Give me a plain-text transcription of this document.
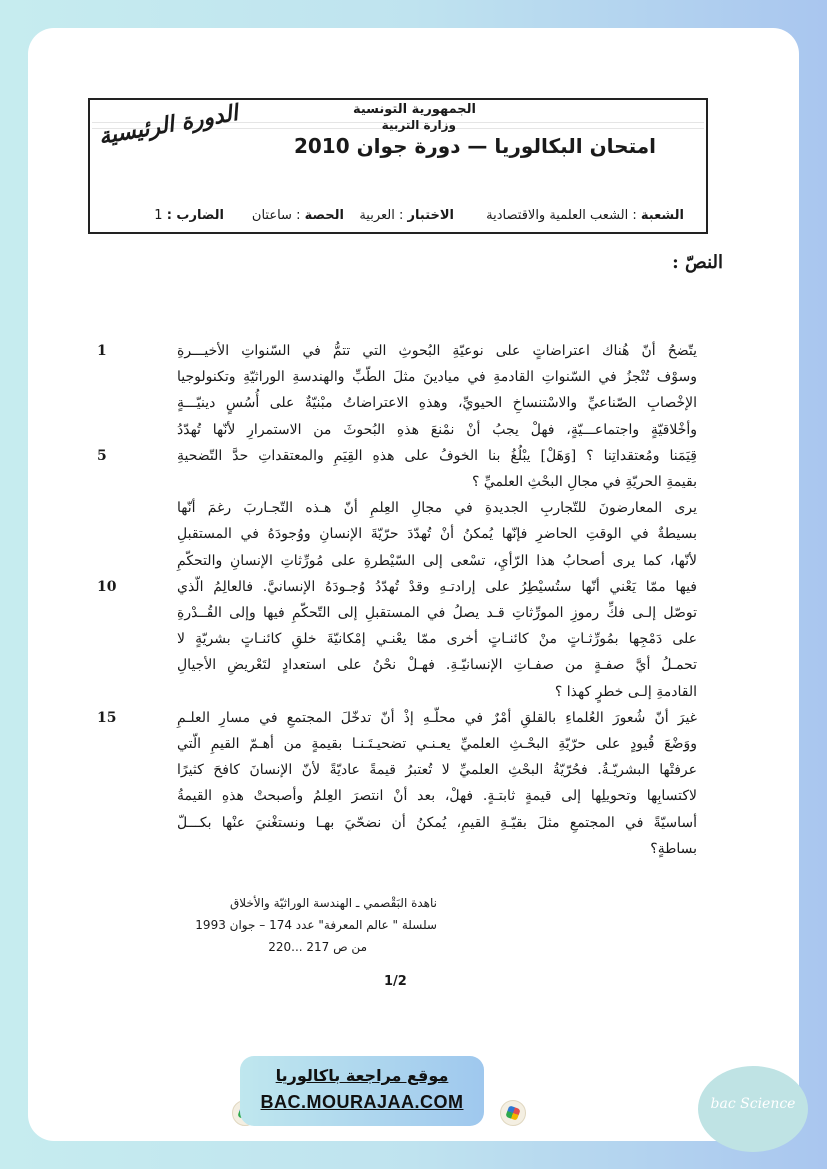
الجمهورية التونسية
وزارة التربية
الدورة الرئيسية	امتحان البكالوريا — دورة جوان 2010
الشعبة : الشعب العلمية والاقتصادية
الاختبار : العربية
الحصة : ساعتان
الضارب : 1
النصّ :
يتّضحُ أنّ هُناك اعتراضاتٍ على نوعيّةِ البُحوثِ التي تتمُّ في السّنواتِ الأخيـــرةِ
1
وسوْف تُنْجزُ في السّنواتِ القادمةِ في ميادينَ مثلَ الطّبِّ والهندسةِ الوراثيّةِ وتكنولوجيا
الإخْصابِ الصّناعيِّ والاسْتنساخِ الحيويِّ، وهذهِ الاعتراضاتُ مبْنيّةٌ على أُسُسٍ دينيّـــةٍ
وأخْلاقيّةٍ واجتماعـــيّةٍ، فهلْ يجبُ أنْ نمْنعَ هذهِ البُحوثَ من الاستمرارِ لأنّها تُهدّدُ
قِيَمَنا ومُعتقداتِنا ؟ [وَهَلْ] يبْلُغُ بنا الخوفُ على هذهِ القِيَمِ والمعتقداتِ حدَّ التّضحيةِ
5
بقيمةِ الحريّةِ في مجالِ البحْثِ العلميِّ ؟
يرى المعارضونَ للتّجاربِ الجديدةِ في مجالِ العِلمِ أنّ هـذه التّجـاربَ رغمَ أنّها
بسيطةٌ في الوقتِ الحاضرِ فإنّها يُمكنُ أنْ تُهدّدَ حرّيّةَ الإنسانِ ووُجودَهُ في المستقبلِ
لأنّها، كما يرى أصحابُ هذا الرّأيِ، تسْعى إلى السّيْطرةِ على مُورِّثاتِ الإنسانِ والتحكّمِ
فيها ممّا يَعْني أنّها ستُسيْطِرُ على إرادتـهِ وقدْ تُهدّدُ وُجـودَهُ الإنسانيَّ. فالعالِمُ الّذي
10
توصّل إلـى فكِّ رموزِ المورِّثاتِ قـد يصلُ في المستقبلِ إلى التّحكّمِ فيها وإلى القُــدْرةِ
على دَمْجِها بمُورِّثـاتٍ منْ كائنـاتٍ أخرى ممّا يعْنـي إمْكانيّةَ خلقِ كائنـاتٍ بشريّةٍ لا
تحمـلُ أيَّ صفـةٍ من صفـاتِ الإنسانيّـةِ. فهـلْ نحْنُ على استعدادٍ لتَعْريضِ الأجيالِ
القادمةِ إلـى خطرٍ كهذا ؟
غيرَ أنّ شُعورَ العُلماءِ بالقلقِ أمْرٌ في محلّـهِ إذْ أنّ تدخّلَ المجتمعِ في مسارِ العلـمِ
15
ووَضْعَ قُيودٍ على حرّيّةِ البحْـثِ العلميِّ يعـنـي تضحيـتَـنـا بقيمةٍ من أهـمّ القيمِ الّتي
عرفتْها البشريّـةُ. فحُرّيّةُ البحْثِ العلميِّ لا تُعتبرُ قيمةً عاديّةً لأنّ الإنسانَ كافحَ كثيرًا
لاكتسابِها وتحويلِها إلى قيمةٍ ثابتـةٍ. فهلْ، بعد أنْ انتصرَ العِلمُ وأصبحتْ هذهِ القيمةُ
أساسيّةً في المجتمعِ مثلَ بقيّـةِ القيمِ، يُمكنُ أن نضحّيَ بهـا ونستغْنيَ عنْها بكـــلّ
بساطةٍ؟
ناهدة البَقْصمي ـ الهندسة الوراثيّة والأخلاق
سلسلة " عالم المعرفة" عدد 174 – جوان 1993
من ص 217 ...220
1/2
موقع مراجعة باكالوريا
BAC.MOURAJAA.COM	bac Science
